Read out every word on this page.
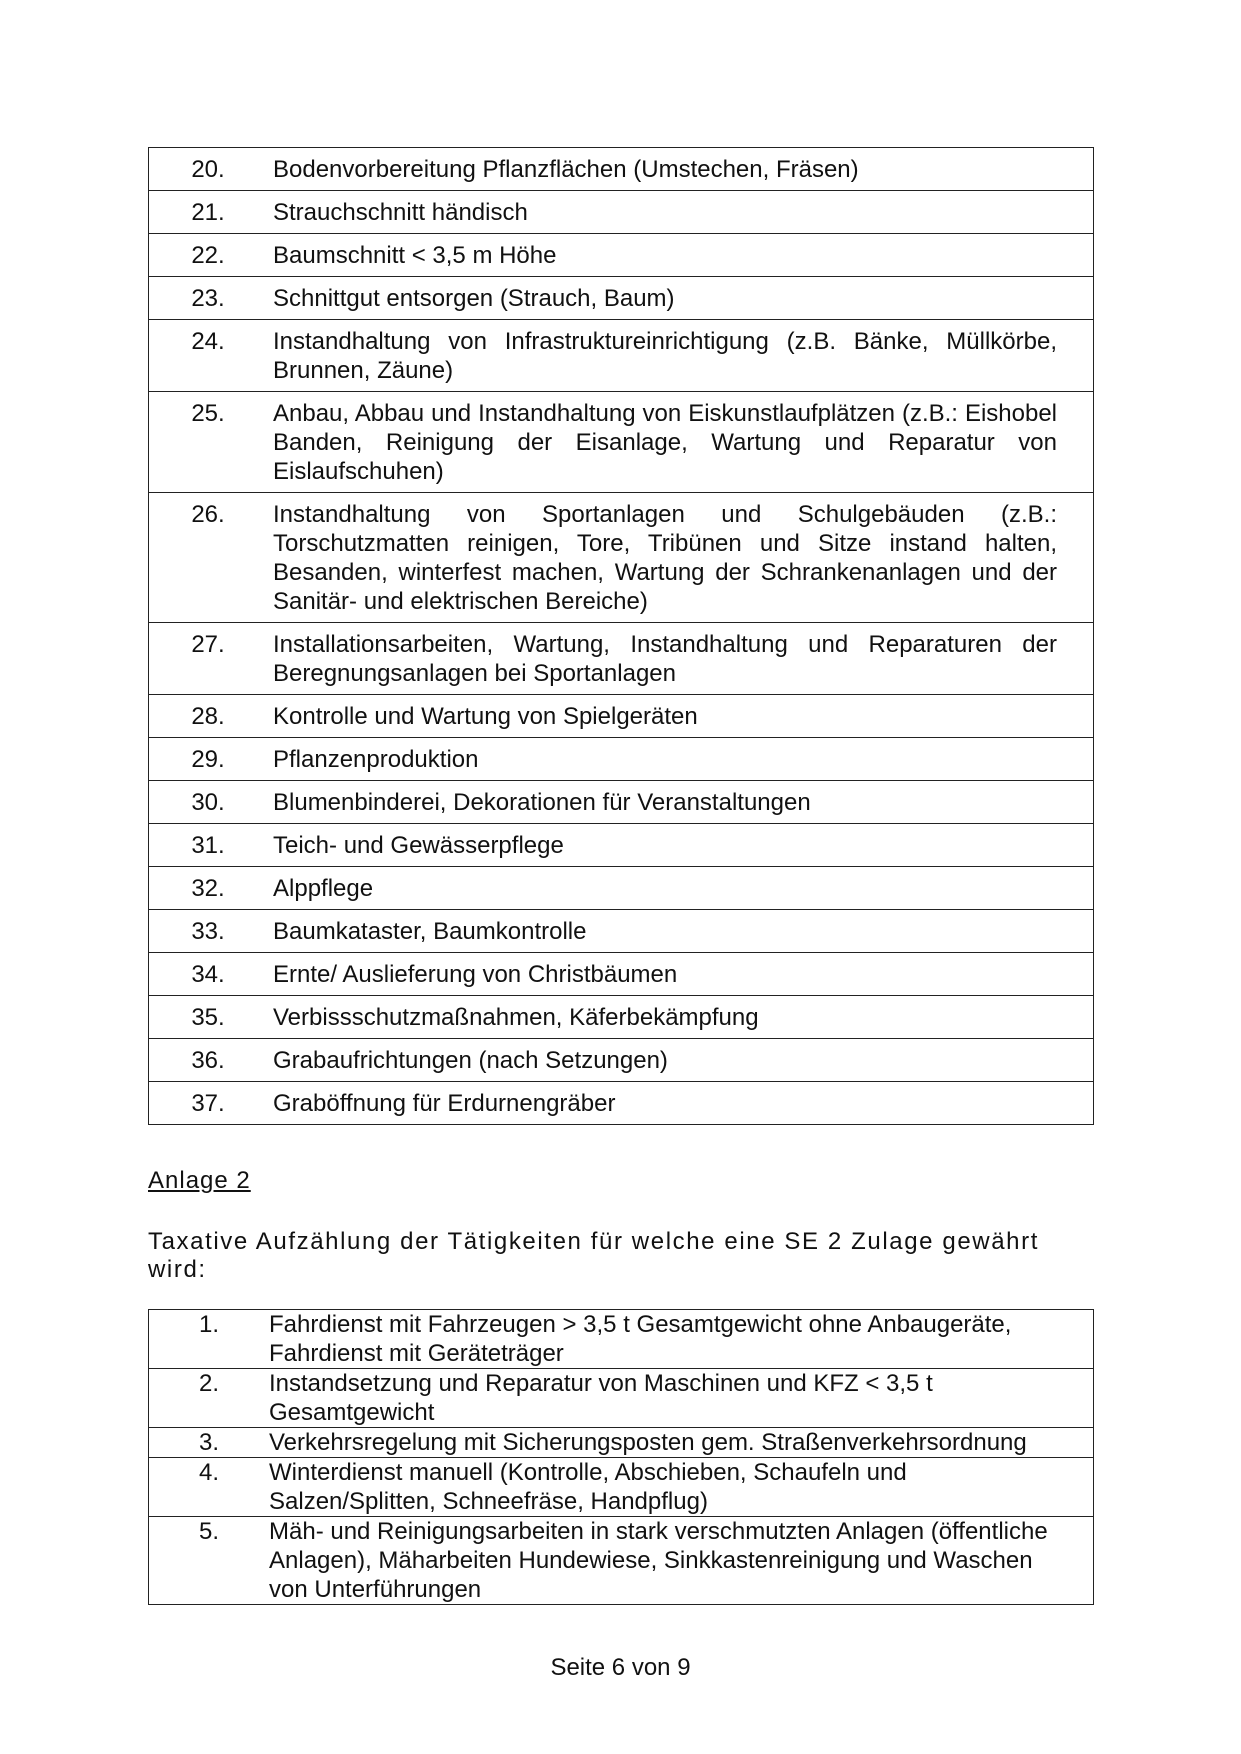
20.	Bodenvorbereitung Pflanzflächen (Umstechen, Fräsen)
21.	Strauchschnitt händisch
22.	Baumschnitt < 3,5 m Höhe
23.	Schnittgut entsorgen (Strauch, Baum)
24.	Instandhaltung von Infrastruktureinrichtigung (z.B. Bänke, Müllkörbe, Brunnen, Zäune)
25.	Anbau, Abbau und Instandhaltung von Eiskunstlaufplätzen (z.B.: Eishobel Banden, Reinigung der Eisanlage, Wartung und Reparatur von Eislaufschuhen)
26.	Instandhaltung von Sportanlagen und Schulgebäuden (z.B.: Torschutzmatten reinigen, Tore, Tribünen und Sitze instand halten, Besanden, winterfest machen, Wartung der Schrankenanlagen und der Sanitär- und elektrischen Bereiche)
27.	Installationsarbeiten, Wartung, Instandhaltung und Reparaturen der Beregnungsanlagen bei Sportanlagen
28.	Kontrolle und Wartung von Spielgeräten
29.	Pflanzenproduktion
30.	Blumenbinderei, Dekorationen für Veranstaltungen
31.	Teich- und Gewässerpflege
32.	Alppflege
33.	Baumkataster, Baumkontrolle
34.	Ernte/ Auslieferung von Christbäumen
35.	Verbissschutzmaßnahmen, Käferbekämpfung
36.	Grabaufrichtungen (nach Setzungen)
37.	Graböffnung für Erdurnengräber
Anlage 2
Taxative Aufzählung der Tätigkeiten für welche eine SE 2 Zulage gewährt wird:
1.	Fahrdienst mit Fahrzeugen > 3,5 t Gesamtgewicht ohne Anbaugeräte, Fahrdienst mit Geräteträger
2.	Instandsetzung und Reparatur von Maschinen und KFZ < 3,5 t Gesamtgewicht
3.	Verkehrsregelung mit Sicherungsposten gem. Straßenverkehrsordnung
4.	Winterdienst manuell (Kontrolle, Abschieben, Schaufeln und Salzen/Splitten, Schneefräse, Handpflug)
5.	Mäh- und Reinigungsarbeiten in stark verschmutzten Anlagen (öffentliche Anlagen), Mäharbeiten Hundewiese, Sinkkastenreinigung und Waschen von Unterführungen
Seite 6 von 9
